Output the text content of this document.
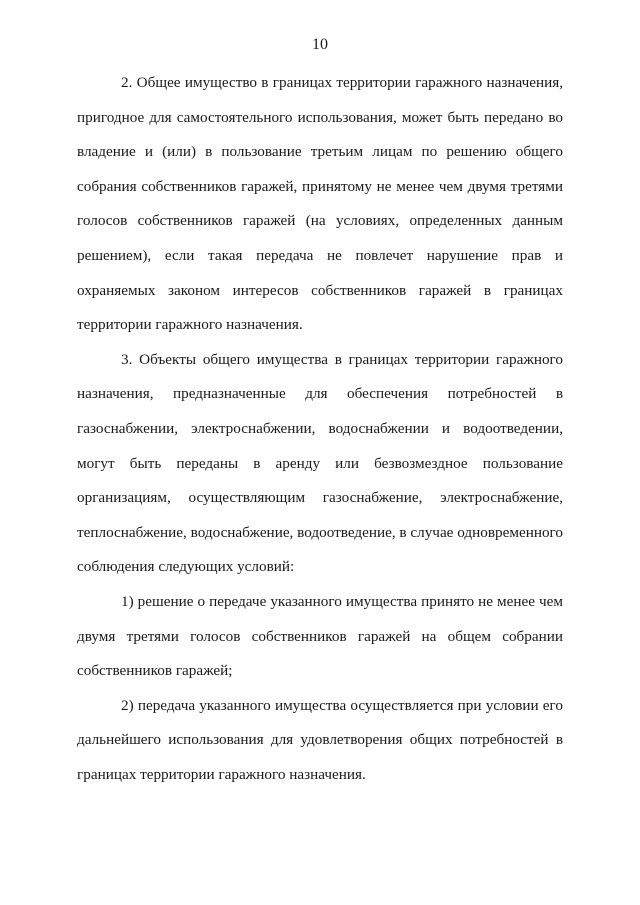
10

2. Общее имущество в границах территории гаражного назначения, пригодное для самостоятельного использования, может быть передано во владение и (или) в пользование третьим лицам по решению общего собрания собственников гаражей, принятому не менее чем двумя третями голосов собственников гаражей (на условиях, определенных данным решением), если такая передача не повлечет нарушение прав и охраняемых законом интересов собственников гаражей в границах территории гаражного назначения.

3. Объекты общего имущества в границах территории гаражного назначения, предназначенные для обеспечения потребностей в газоснабжении, электроснабжении, водоснабжении и водоотведении, могут быть переданы в аренду или безвозмездное пользование организациям, осуществляющим газоснабжение, электроснабжение, теплоснабжение, водоснабжение, водоотведение, в случае одновременного соблюдения следующих условий:

1) решение о передаче указанного имущества принято не менее чем двумя третями голосов собственников гаражей на общем собрании собственников гаражей;

2) передача указанного имущества осуществляется при условии его дальнейшего использования для удовлетворения общих потребностей в границах территории гаражного назначения.
